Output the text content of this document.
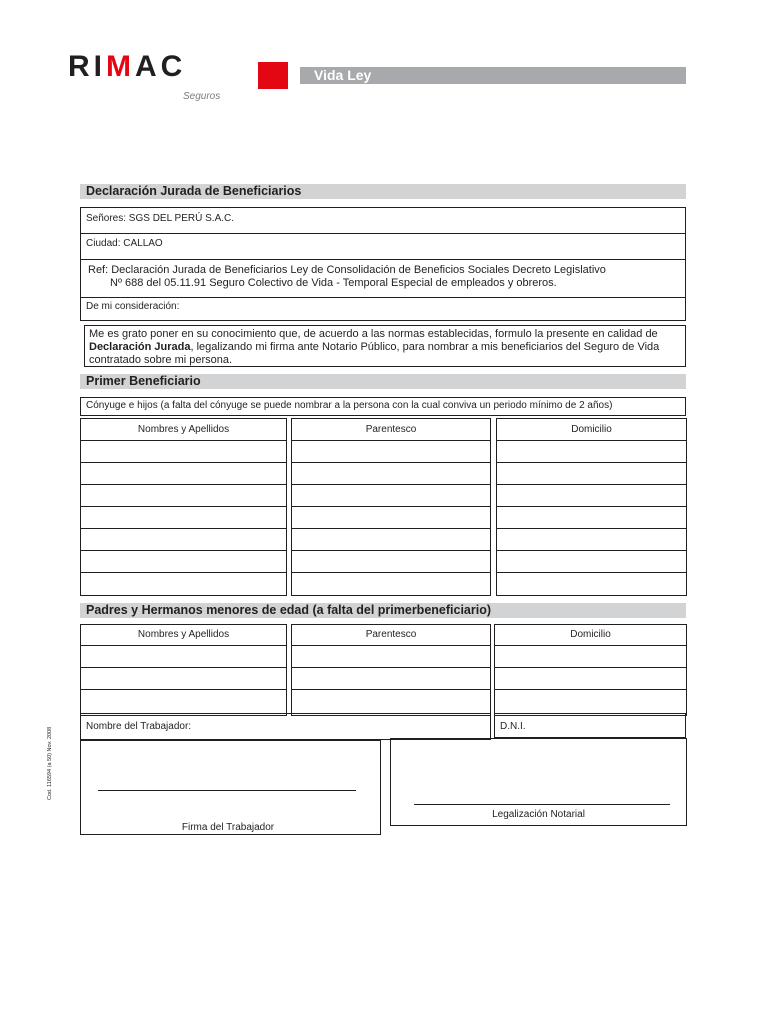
RIMAC
Seguros
Vida Ley
Declaración Jurada de Beneficiarios
Señores: SGS DEL PERÚ S.A.C.
Ciudad: CALLAO
Ref: Declaración Jurada de Beneficiarios Ley de Consolidación de Beneficios Sociales Decreto Legislativo
Nº 688 del 05.11.91 Seguro Colectivo de Vida - Temporal Especial de empleados y obreros.
De mi consideración:
Me es grato poner en su conocimiento que, de acuerdo a las normas establecidas, formulo la presente en calidad de Declaración Jurada, legalizando mi firma ante Notario Público, para nombrar a mis beneficiarios del Seguro de Vida contratado sobre mi persona.
Primer Beneficiario
Cónyuge e hijos (a falta del cónyuge se puede nombrar a la persona con la cual conviva un periodo mínimo de 2 años)
Nombres y Apellidos	Parentesco	Domicilio
Padres y Hermanos menores de edad (a falta del primerbeneficiario)
Nombres y Apellidos	Parentesco	Domicilio
Nombre del Trabajador:	D.N.I.
Firma del Trabajador
Legalización Notarial
Cod. 116594 (a 50) Nov. 2008
